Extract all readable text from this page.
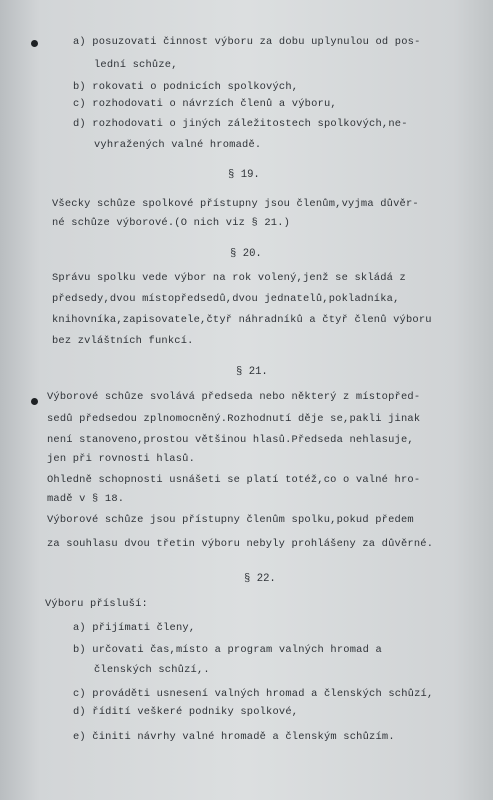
a) posuzovati činnost výboru za dobu uplynulou od pos-
lední schůze,
b) rokovati o podnicích spolkových,
c) rozhodovati o návrzích členů a výboru,
d) rozhodovati o jiných záležitostech spolkových,ne-
vyhražených valné hromadě.
§ 19.
Všecky schůze spolkové přístupny jsou členům,vyjma důvěr-
né schůze výborové.(O nich viz § 21.)
§ 20.
Správu spolku vede výbor na rok volený,jenž se skládá z
předsedy,dvou místopředsedů,dvou jednatelů,pokladníka,
knihovníka,zapisovatele,čtyř náhradníků a čtyř členů výboru
bez zvláštních funkcí.
§ 21.
Výborové schůze svolává předseda nebo některý z místopřed-
sedů předsedou zplnomocněný.Rozhodnutí děje se,pakli jinak
není stanoveno,prostou většinou hlasů.Předseda nehlasuje,
jen při rovnosti hlasů.
Ohledně schopnosti usnášeti se platí totéž,co o valné hro-
madě v § 18.
Výborové schůze jsou přístupny členům spolku,pokud předem
za souhlasu dvou třetin výboru nebyly prohlášeny za důvěrné.
§ 22.
Výboru přísluší:
a) přijímati členy,
b) určovati čas,místo a program valných hromad a
členských schůzí,.
c) prováděti usnesení valných hromad a členských schůzí,
d) řídití veškeré podniky spolkové,
e) činiti návrhy valné hromadě a členským schůzím.
